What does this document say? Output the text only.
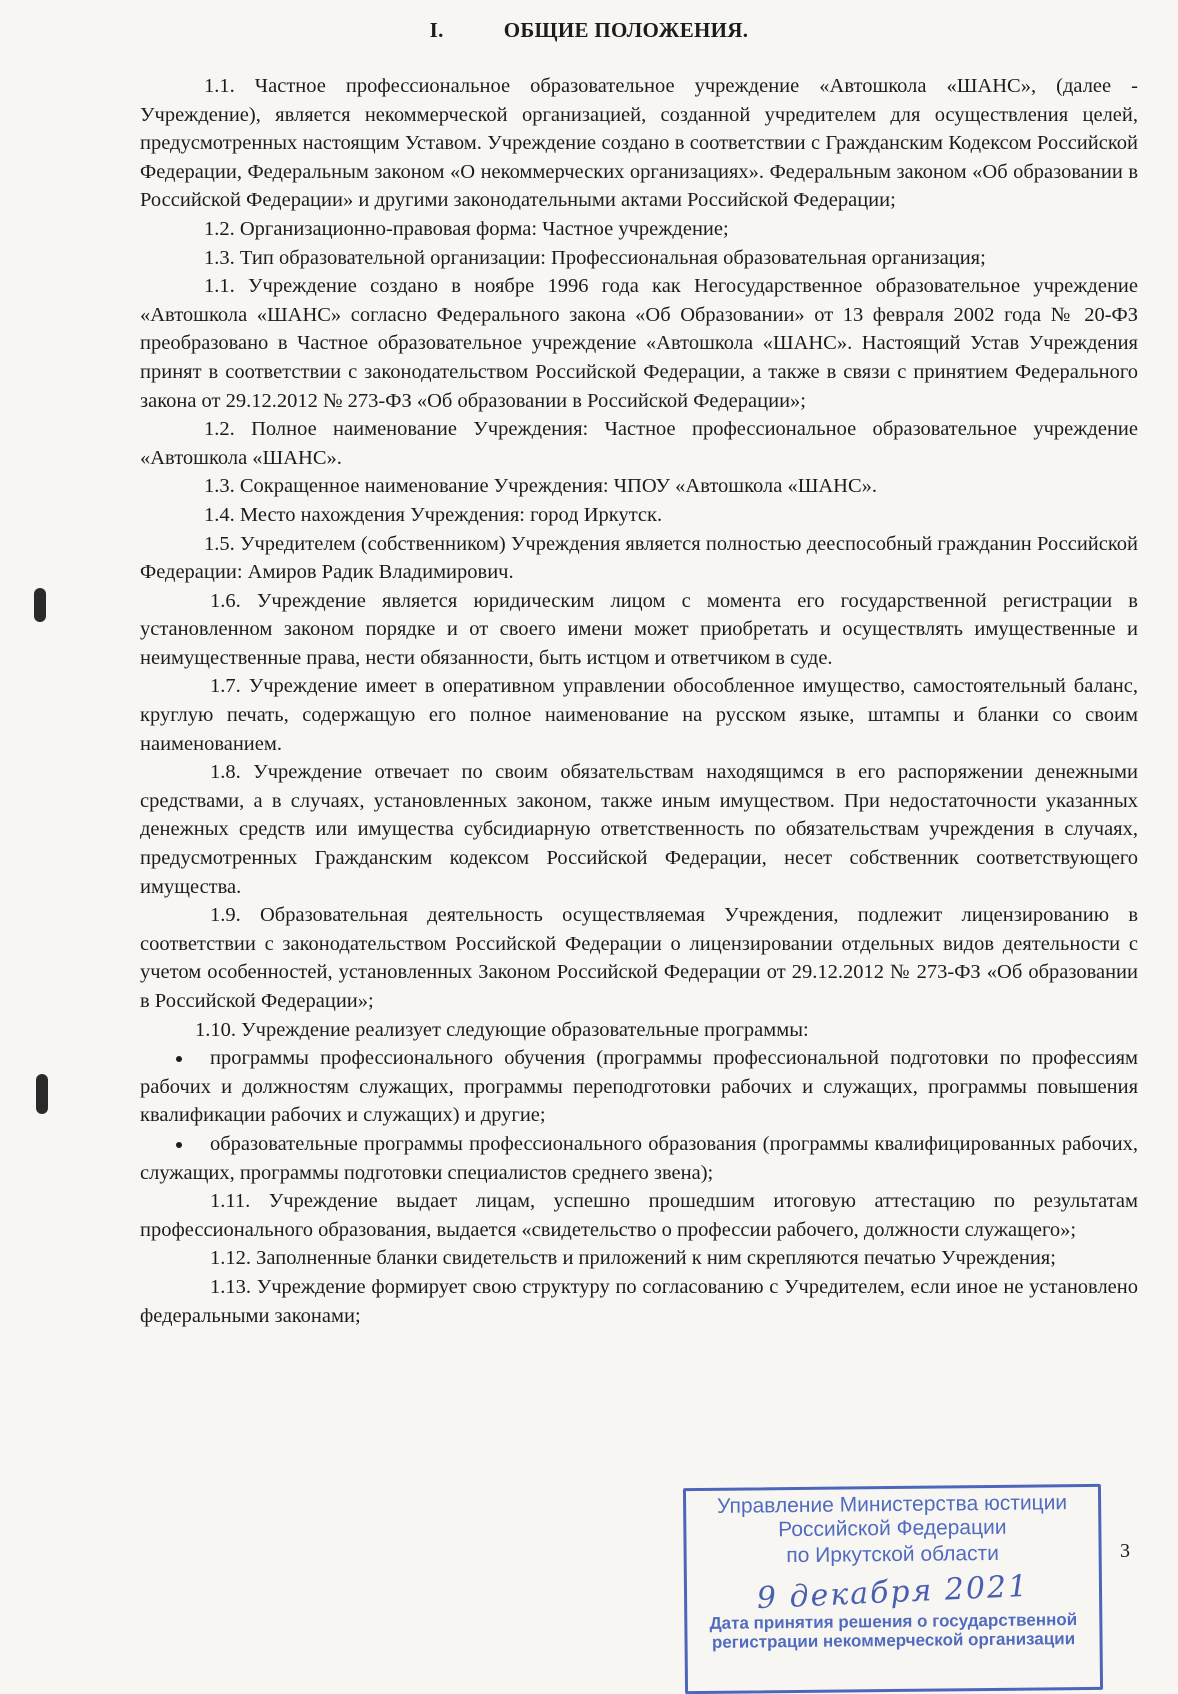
I.	ОБЩИЕ ПОЛОЖЕНИЯ.

1.1. Частное профессиональное образовательное учреждение «Автошкола «ШАНС», (далее - Учреждение), является некоммерческой организацией, созданной учредителем для осуществления целей, предусмотренных настоящим Уставом. Учреждение создано в соответствии с Гражданским Кодексом Российской Федерации, Федеральным законом «О некоммерческих организациях». Федеральным законом «Об образовании в Российской Федерации» и другими законодательными актами Российской Федерации;

1.2. Организационно-правовая форма: Частное учреждение;

1.3. Тип образовательной организации: Профессиональная образовательная организация;

1.1. Учреждение создано в ноябре 1996 года как Негосударственное образовательное учреждение «Автошкола «ШАНС» согласно Федерального закона «Об Образовании» от 13 февраля 2002 года № 20-ФЗ преобразовано в Частное образовательное учреждение «Автошкола «ШАНС». Настоящий Устав Учреждения принят в соответствии с законодательством Российской Федерации, а также в связи с принятием Федерального закона от 29.12.2012 № 273-ФЗ «Об образовании в Российской Федерации»;

1.2. Полное наименование Учреждения: Частное профессиональное образовательное учреждение «Автошкола «ШАНС».

1.3. Сокращенное наименование Учреждения: ЧПОУ «Автошкола «ШАНС».

1.4. Место нахождения Учреждения: город Иркутск.

1.5. Учредителем (собственником) Учреждения является полностью дееспособный гражданин Российской Федерации: Амиров Радик Владимирович.

1.6. Учреждение является юридическим лицом с момента его государственной регистрации в установленном законом порядке и от своего имени может приобретать и осуществлять имущественные и неимущественные права, нести обязанности, быть истцом и ответчиком в суде.

1.7. Учреждение имеет в оперативном управлении обособленное имущество, самостоятельный баланс, круглую печать, содержащую его полное наименование на русском языке, штампы и бланки со своим наименованием.

1.8. Учреждение отвечает по своим обязательствам находящимся в его распоряжении денежными средствами, а в случаях, установленных законом, также иным имуществом. При недостаточности указанных денежных средств или имущества субсидиарную ответственность по обязательствам учреждения в случаях, предусмотренных Гражданским кодексом Российской Федерации, несет собственник соответствующего имущества.

1.9. Образовательная деятельность осуществляемая Учреждения, подлежит лицензированию в соответствии с законодательством Российской Федерации о лицензировании отдельных видов деятельности с учетом особенностей, установленных Законом Российской Федерации от 29.12.2012 № 273-ФЗ «Об образовании в Российской Федерации»;

1.10. Учреждение реализует следующие образовательные программы:

программы профессионального обучения (программы профессиональной подготовки по профессиям рабочих и должностям служащих, программы переподготовки рабочих и служащих, программы повышения квалификации рабочих и служащих) и другие;

образовательные программы профессионального образования (программы квалифицированных рабочих, служащих, программы подготовки специалистов среднего звена);

1.11. Учреждение выдает лицам, успешно прошедшим итоговую аттестацию по результатам профессионального образования, выдается «свидетельство о профессии рабочего, должности служащего»;

1.12. Заполненные бланки свидетельств и приложений к ним скрепляются печатью Учреждения;

1.13. Учреждение формирует свою структуру по согласованию с Учредителем, если иное не установлено федеральными законами;

Управление Министерства юстиции
Российской Федерации
по Иркутской области
9 декабря 2021
Дата принятия решения о государственной регистрации некоммерческой организации
3
